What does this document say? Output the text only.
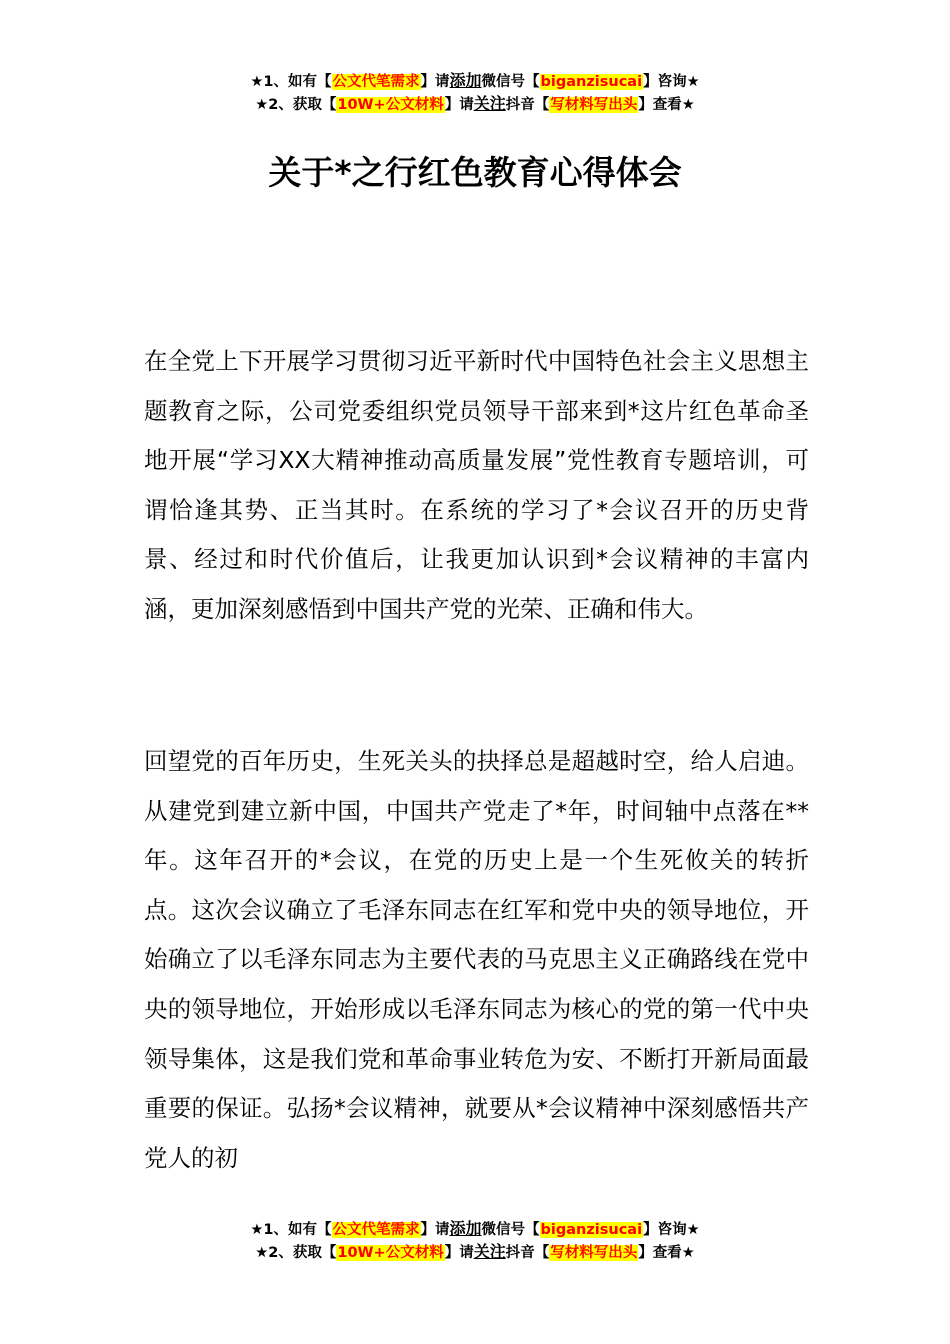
★1、如有【公文代笔需求】请添加微信号【biganzisucai】咨询★
★2、获取【10W+公文材料】请关注抖音【写材料写出头】查看★
关于*之行红色教育心得体会

在全党上下开展学习贯彻习近平新时代中国特色社会主义思想主题教育之际，公司党委组织党员领导干部来到*这片红色革命圣地开展“学习XX大精神推动高质量发展”党性教育专题培训，可谓恰逢其势、正当其时。在系统的学习了*会议召开的历史背景、经过和时代价值后，让我更加认识到*会议精神的丰富内涵，更加深刻感悟到中国共产党的光荣、正确和伟大。

回望党的百年历史，生死关头的抉择总是超越时空，给人启迪。从建党到建立新中国，中国共产党走了*年，时间轴中点落在**年。这年召开的*会议，在党的历史上是一个生死攸关的转折点。这次会议确立了毛泽东同志在红军和党中央的领导地位，开始确立了以毛泽东同志为主要代表的马克思主义正确路线在党中央的领导地位，开始形成以毛泽东同志为核心的党的第一代中央领导集体，这是我们党和革命事业转危为安、不断打开新局面最重要的保证。弘扬*会议精神，就要从*会议精神中深刻感悟共产党人的初

★1、如有【公文代笔需求】请添加微信号【biganzisucai】咨询★
★2、获取【10W+公文材料】请关注抖音【写材料写出头】查看★
